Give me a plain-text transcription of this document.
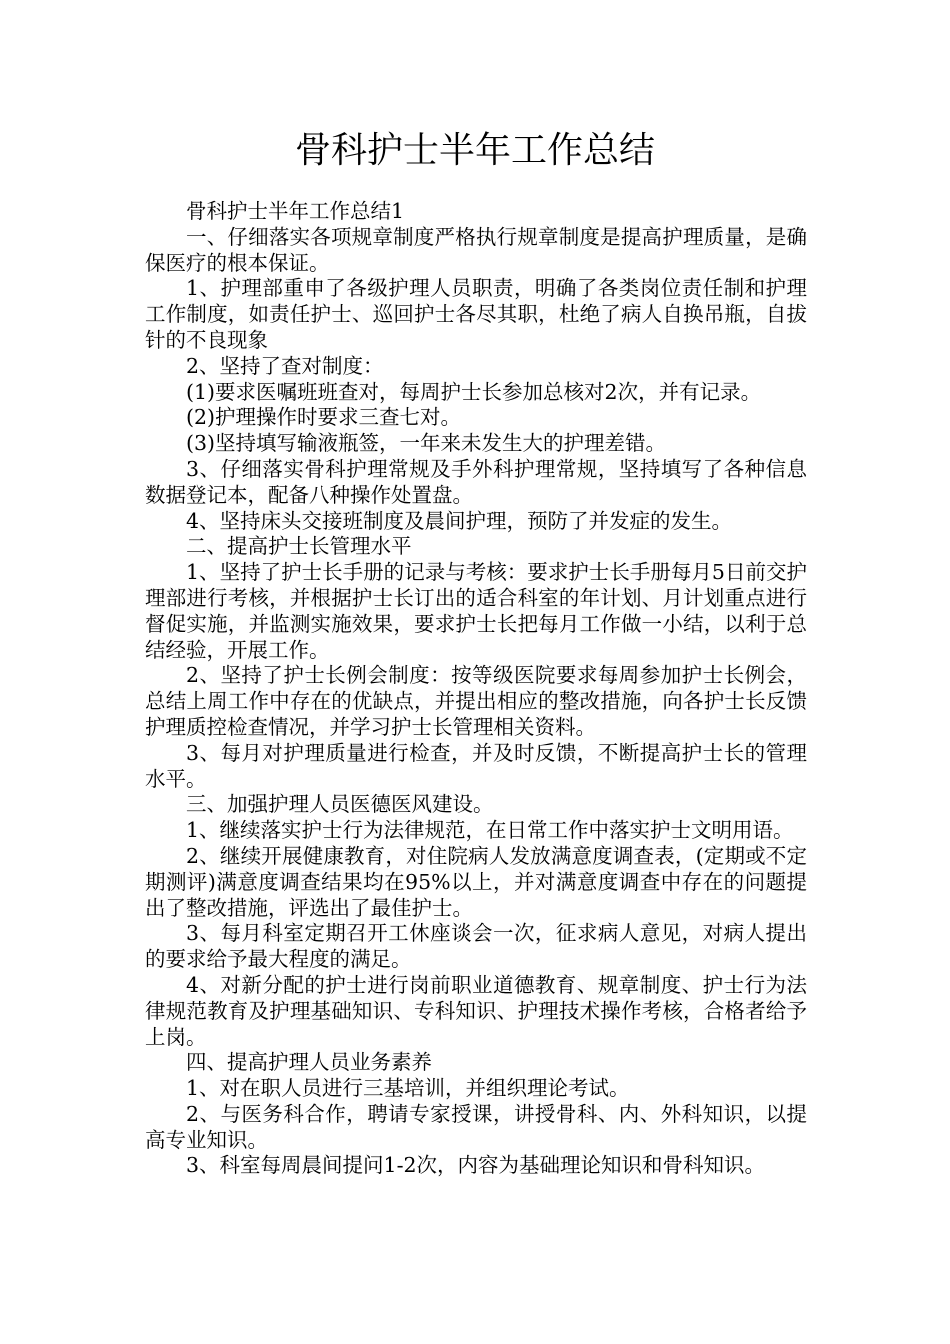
骨科护士半年工作总结

骨科护士半年工作总结1

一、仔细落实各项规章制度严格执行规章制度是提高护理质量，是确保医疗的根本保证。

1、护理部重申了各级护理人员职责，明确了各类岗位责任制和护理工作制度，如责任护士、巡回护士各尽其职，杜绝了病人自换吊瓶，自拔针的不良现象

2、坚持了查对制度：

(1)要求医嘱班班查对，每周护士长参加总核对2次，并有记录。

(2)护理操作时要求三查七对。

(3)坚持填写输液瓶签，一年来未发生大的护理差错。

3、仔细落实骨科护理常规及手外科护理常规，坚持填写了各种信息数据登记本，配备八种操作处置盘。

4、坚持床头交接班制度及晨间护理，预防了并发症的发生。

二、提高护士长管理水平

1、坚持了护士长手册的记录与考核：要求护士长手册每月5日前交护理部进行考核，并根据护士长订出的适合科室的年计划、月计划重点进行督促实施，并监测实施效果，要求护士长把每月工作做一小结，以利于总结经验，开展工作。

2、坚持了护士长例会制度：按等级医院要求每周参加护士长例会，总结上周工作中存在的优缺点，并提出相应的整改措施，向各护士长反馈护理质控检查情况，并学习护士长管理相关资料。

3、每月对护理质量进行检查，并及时反馈，不断提高护士长的管理水平。

三、加强护理人员医德医风建设。

1、继续落实护士行为法律规范，在日常工作中落实护士文明用语。

2、继续开展健康教育，对住院病人发放满意度调查表，(定期或不定期测评)满意度调查结果均在95%以上，并对满意度调查中存在的问题提出了整改措施，评选出了最佳护士。

3、每月科室定期召开工休座谈会一次，征求病人意见，对病人提出的要求给予最大程度的满足。

4、对新分配的护士进行岗前职业道德教育、规章制度、护士行为法律规范教育及护理基础知识、专科知识、护理技术操作考核，合格者给予上岗。

四、提高护理人员业务素养

1、对在职人员进行三基培训，并组织理论考试。

2、与医务科合作，聘请专家授课，讲授骨科、内、外科知识，以提高专业知识。

3、科室每周晨间提问1-2次，内容为基础理论知识和骨科知识。
